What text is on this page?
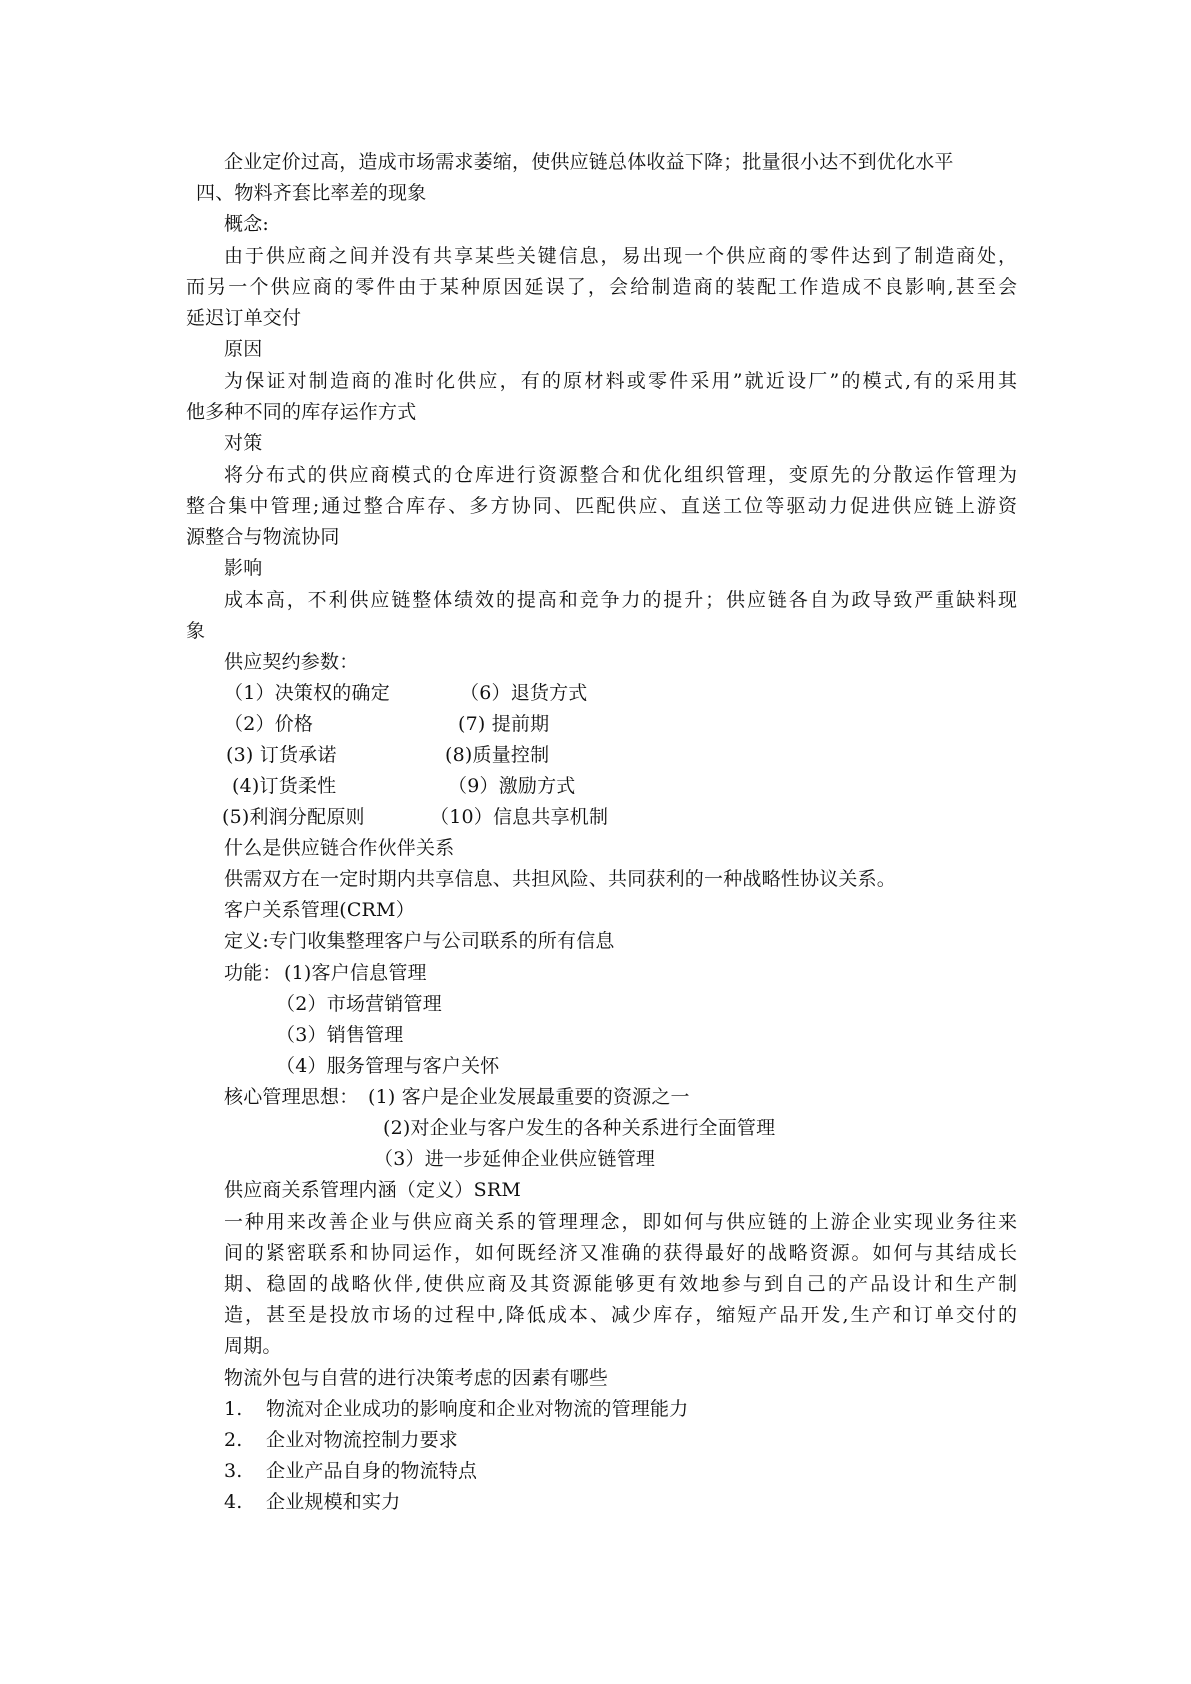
企业定价过高，造成市场需求萎缩，使供应链总体收益下降；批量很小达不到优化水平
四、物料齐套比率差的现象
概念:
由于供应商之间并没有共享某些关键信息，易出现一个供应商的零件达到了制造商处，
而另一个供应商的零件由于某种原因延误了，会给制造商的装配工作造成不良影响,甚至会
延迟订单交付
原因
为保证对制造商的准时化供应，有的原材料或零件采用”就近设厂”的模式,有的采用其
他多种不同的库存运作方式
对策
将分布式的供应商模式的仓库进行资源整合和优化组织管理，变原先的分散运作管理为
整合集中管理;通过整合库存、多方协同、匹配供应、直送工位等驱动力促进供应链上游资
源整合与物流协同
影响
成本高，不利供应链整体绩效的提高和竞争力的提升；供应链各自为政导致严重缺料现
象
供应契约参数：
（1）决策权的确定	（6）退货方式
（2）价格	(7) 提前期
(3) 订货承诺	(8)质量控制
(4)订货柔性	（9）激励方式
(5)利润分配原则	（10）信息共享机制
什么是供应链合作伙伴关系
供需双方在一定时期内共享信息、共担风险、共同获利的一种战略性协议关系。
客户关系管理(CRM）
定义:专门收集整理客户与公司联系的所有信息
功能： (1)客户信息管理
（2）市场营销管理
（3）销售管理
（4）服务管理与客户关怀
核心管理思想： (1) 客户是企业发展最重要的资源之一
(2)对企业与客户发生的各种关系进行全面管理
（3）进一步延伸企业供应链管理
供应商关系管理内涵（定义）SRM
一种用来改善企业与供应商关系的管理理念，即如何与供应链的上游企业实现业务往来
间的紧密联系和协同运作，如何既经济又准确的获得最好的战略资源。如何与其结成长
期、稳固的战略伙伴,使供应商及其资源能够更有效地参与到自己的产品设计和生产制
造，甚至是投放市场的过程中,降低成本、减少库存，缩短产品开发,生产和订单交付的
周期。
物流外包与自营的进行决策考虑的因素有哪些
1. 物流对企业成功的影响度和企业对物流的管理能力
2. 企业对物流控制力要求
3. 企业产品自身的物流特点
4. 企业规模和实力
